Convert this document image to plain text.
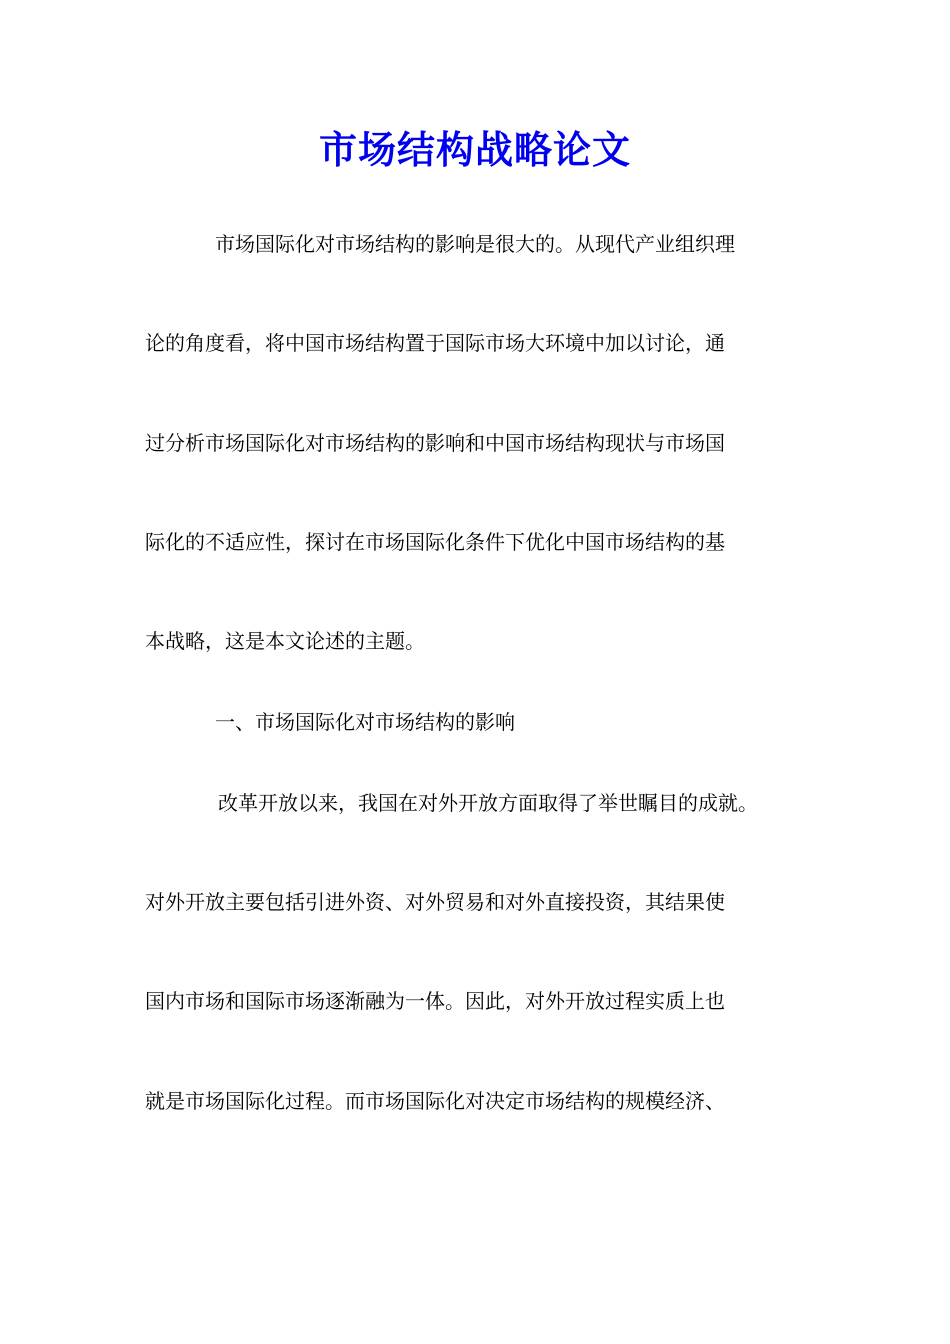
市场结构战略论文
市场国际化对市场结构的影响是很大的。从现代产业组织理
论的角度看，将中国市场结构置于国际市场大环境中加以讨论，通
过分析市场国际化对市场结构的影响和中国市场结构现状与市场国
际化的不适应性，探讨在市场国际化条件下优化中国市场结构的基
本战略，这是本文论述的主题。
一、市场国际化对市场结构的影响
改革开放以来，我国在对外开放方面取得了举世瞩目的成就。
对外开放主要包括引进外资、对外贸易和对外直接投资，其结果使
国内市场和国际市场逐渐融为一体。因此，对外开放过程实质上也
就是市场国际化过程。而市场国际化对决定市场结构的规模经济、
